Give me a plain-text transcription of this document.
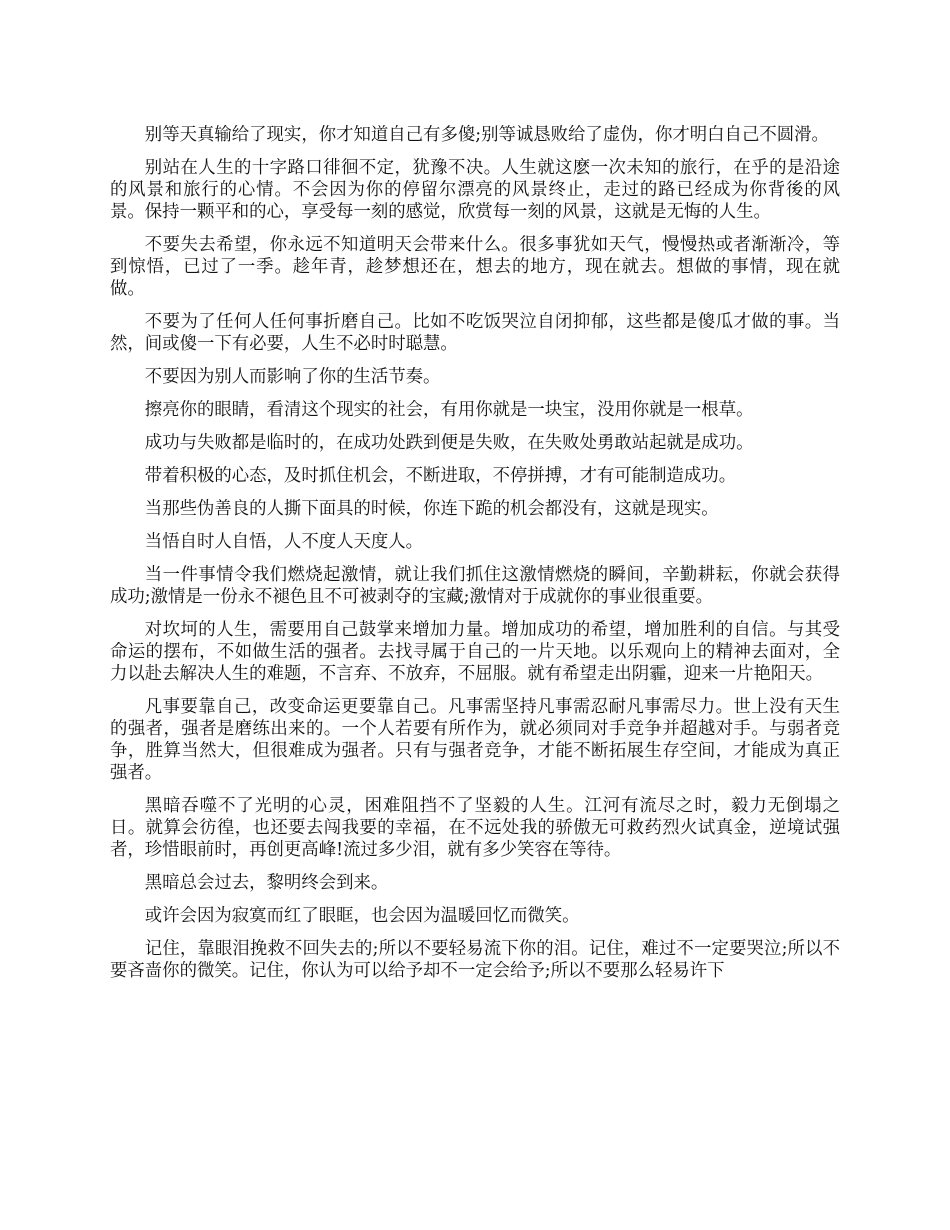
别等天真输给了现实，你才知道自己有多傻;别等诚恳败给了虚伪，你才明白自己不圆滑。

别站在人生的十字路口徘徊不定，犹豫不决。人生就这麽一次未知的旅行，在乎的是沿途的风景和旅行的心情。不会因为你的停留尔漂亮的风景终止，走过的路已经成为你背後的风景。保持一颗平和的心，享受每一刻的感觉，欣赏每一刻的风景，这就是无悔的人生。

不要失去希望，你永远不知道明天会带来什么。很多事犹如天气，慢慢热或者渐渐冷，等到惊悟，已过了一季。趁年青，趁梦想还在，想去的地方，现在就去。想做的事情，现在就做。

不要为了任何人任何事折磨自己。比如不吃饭哭泣自闭抑郁，这些都是傻瓜才做的事。当然，间或傻一下有必要，人生不必时时聪慧。

不要因为别人而影响了你的生活节奏。

擦亮你的眼睛，看清这个现实的社会，有用你就是一块宝，没用你就是一根草。

成功与失败都是临时的，在成功处跌到便是失败，在失败处勇敢站起就是成功。

带着积极的心态，及时抓住机会，不断进取，不停拼搏，才有可能制造成功。

当那些伪善良的人撕下面具的时候，你连下跪的机会都没有，这就是现实。

当悟自时人自悟，人不度人天度人。

当一件事情令我们燃烧起激情，就让我们抓住这激情燃烧的瞬间，辛勤耕耘，你就会获得成功;激情是一份永不褪色且不可被剥夺的宝藏;激情对于成就你的事业很重要。

对坎坷的人生，需要用自己鼓掌来增加力量。增加成功的希望，增加胜利的自信。与其受命运的摆布，不如做生活的强者。去找寻属于自己的一片天地。以乐观向上的精神去面对，全力以赴去解决人生的难题，不言弃、不放弃，不屈服。就有希望走出阴霾，迎来一片艳阳天。

凡事要靠自己，改变命运更要靠自己。凡事需坚持凡事需忍耐凡事需尽力。世上没有天生的强者，强者是磨练出来的。一个人若要有所作为，就必须同对手竞争并超越对手。与弱者竞争，胜算当然大，但很难成为强者。只有与强者竞争，才能不断拓展生存空间，才能成为真正强者。

黑暗吞噬不了光明的心灵，困难阻挡不了坚毅的人生。江河有流尽之时，毅力无倒塌之日。就算会彷徨，也还要去闯我要的幸福，在不远处我的骄傲无可救药烈火试真金，逆境试强者，珍惜眼前时，再创更高峰!流过多少泪，就有多少笑容在等待。

黑暗总会过去，黎明终会到来。

或许会因为寂寞而红了眼眶，也会因为温暖回忆而微笑。

记住，靠眼泪挽救不回失去的;所以不要轻易流下你的泪。记住，难过不一定要哭泣;所以不要吝啬你的微笑。记住，你认为可以给予却不一定会给予;所以不要那么轻易许下
